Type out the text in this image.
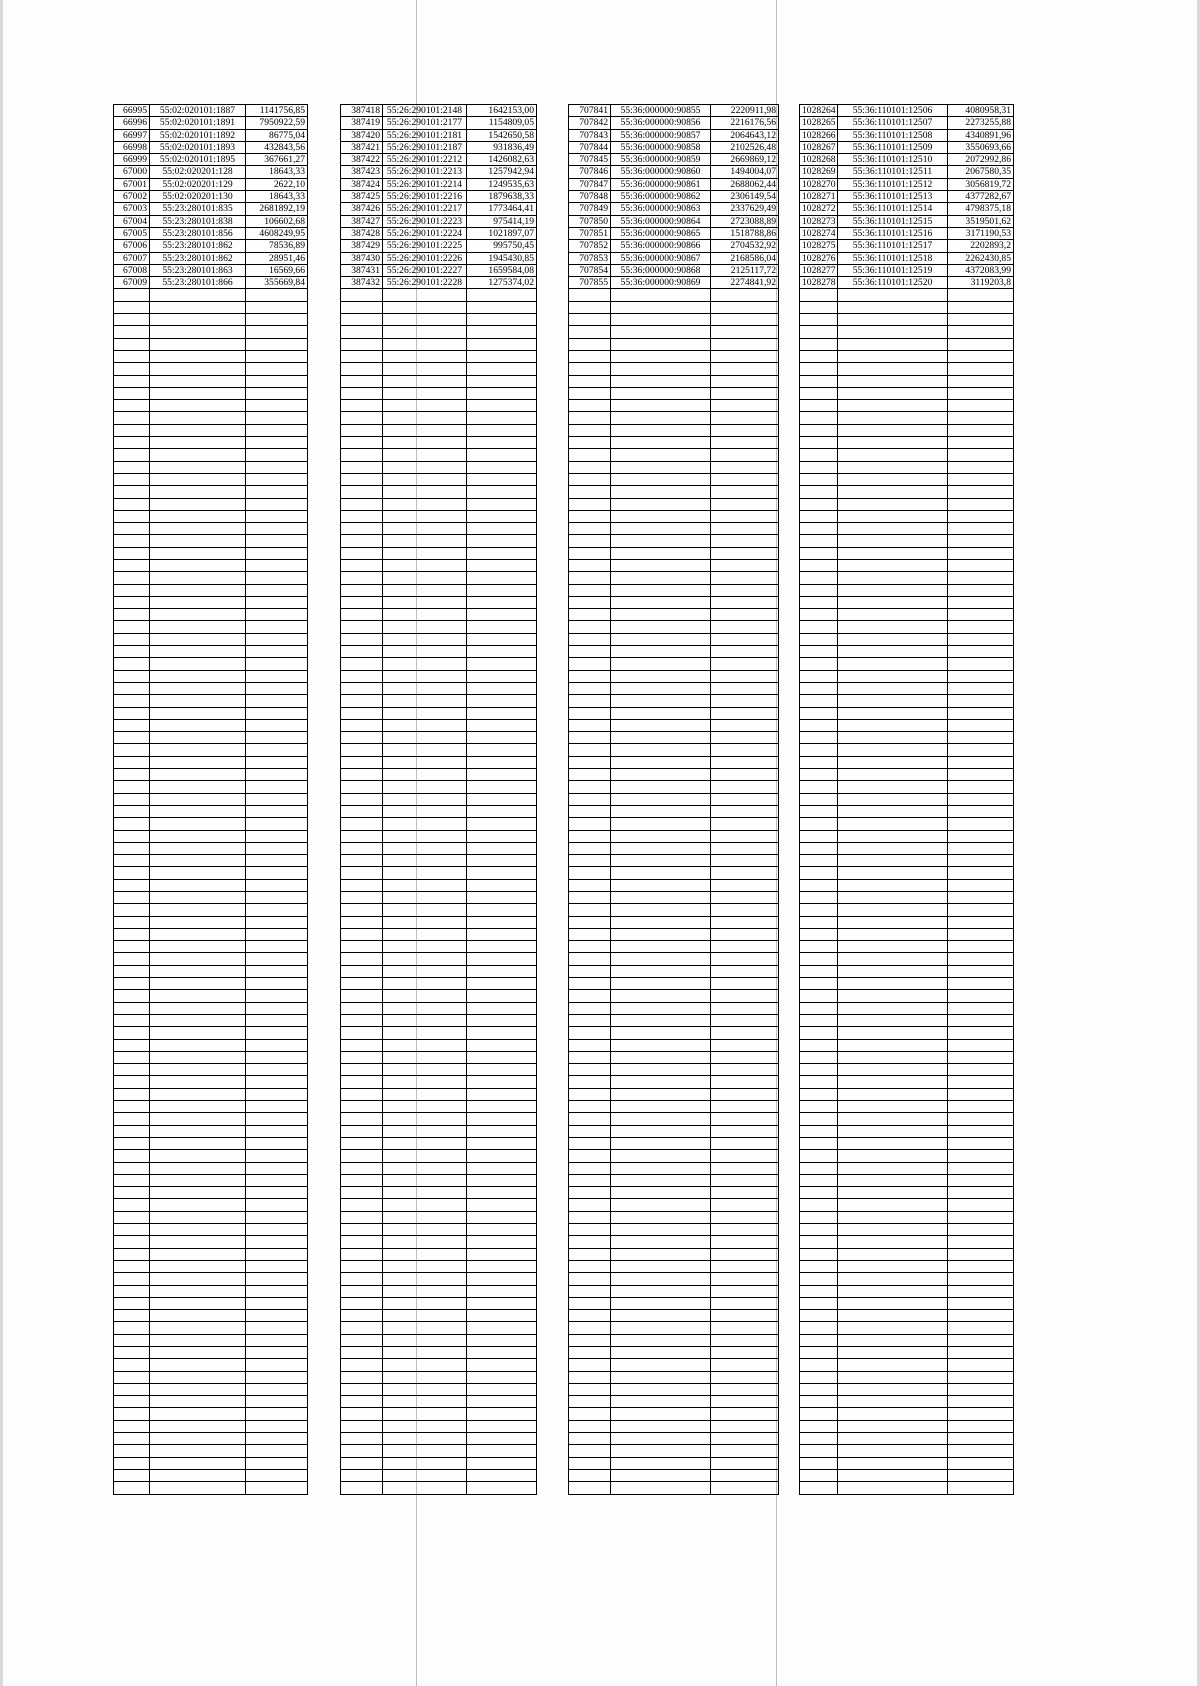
66995	55:02:020101:1887	1141756,85
66996	55:02:020101:1891	7950922,59
66997	55:02:020101:1892	86775,04
66998	55:02:020101:1893	432843,56
66999	55:02:020101:1895	367661,27
67000	55:02:020201:128	18643,33
67001	55:02:020201:129	2622,10
67002	55:02:020201:130	18643,33
67003	55:23:280101:835	2681892,19
67004	55:23:280101:838	106602,68
67005	55:23:280101:856	4608249,95
67006	55:23:280101:862	78536,89
67007	55:23:280101:862	28951,46
67008	55:23:280101:863	16569,66
67009	55:23:280101:866	355669,84

387418	55:26:290101:2148	1642153,00
387419	55:26:290101:2177	1154809,05
387420	55:26:290101:2181	1542650,58
387421	55:26:290101:2187	931836,49
387422	55:26:290101:2212	1426082,63
387423	55:26:290101:2213	1257942,94
387424	55:26:290101:2214	1249535,63
387425	55:26:290101:2216	1879638,33
387426	55:26:290101:2217	1773464,41
387427	55:26:290101:2223	975414,19
387428	55:26:290101:2224	1021897,07
387429	55:26:290101:2225	995750,45
387430	55:26:290101:2226	1945430,85
387431	55:26:290101:2227	1659584,08
387432	55:26:290101:2228	1275374,02

707841	55:36:000000:90855	2220911,98
707842	55:36:000000:90856	2216176,56
707843	55:36:000000:90857	2064643,12
707844	55:36:000000:90858	2102526,48
707845	55:36:000000:90859	2669869,12
707846	55:36:000000:90860	1494004,07
707847	55:36:000000:90861	2688062,44
707848	55:36:000000:90862	2306149,54
707849	55:36:000000:90863	2337629,49
707850	55:36:000000:90864	2723088,89
707851	55:36:000000:90865	1518788,86
707852	55:36:000000:90866	2704532,92
707853	55:36:000000:90867	2168586,04
707854	55:36:000000:90868	2125117,72
707855	55:36:000000:90869	2274841,92

1028264	55:36:110101:12506	4080958,31
1028265	55:36:110101:12507	2273255,88
1028266	55:36:110101:12508	4340891,96
1028267	55:36:110101:12509	3550693,66
1028268	55:36:110101:12510	2072992,86
1028269	55:36:110101:12511	2067580,35
1028270	55:36:110101:12512	3056819,72
1028271	55:36:110101:12513	4377282,67
1028272	55:36:110101:12514	4798375,18
1028273	55:36:110101:12515	3519501,62
1028274	55:36:110101:12516	3171190,53
1028275	55:36:110101:12517	2202893,2
1028276	55:36:110101:12518	2262430,85
1028277	55:36:110101:12519	4372083,99
1028278	55:36:110101:12520	3119203,8
